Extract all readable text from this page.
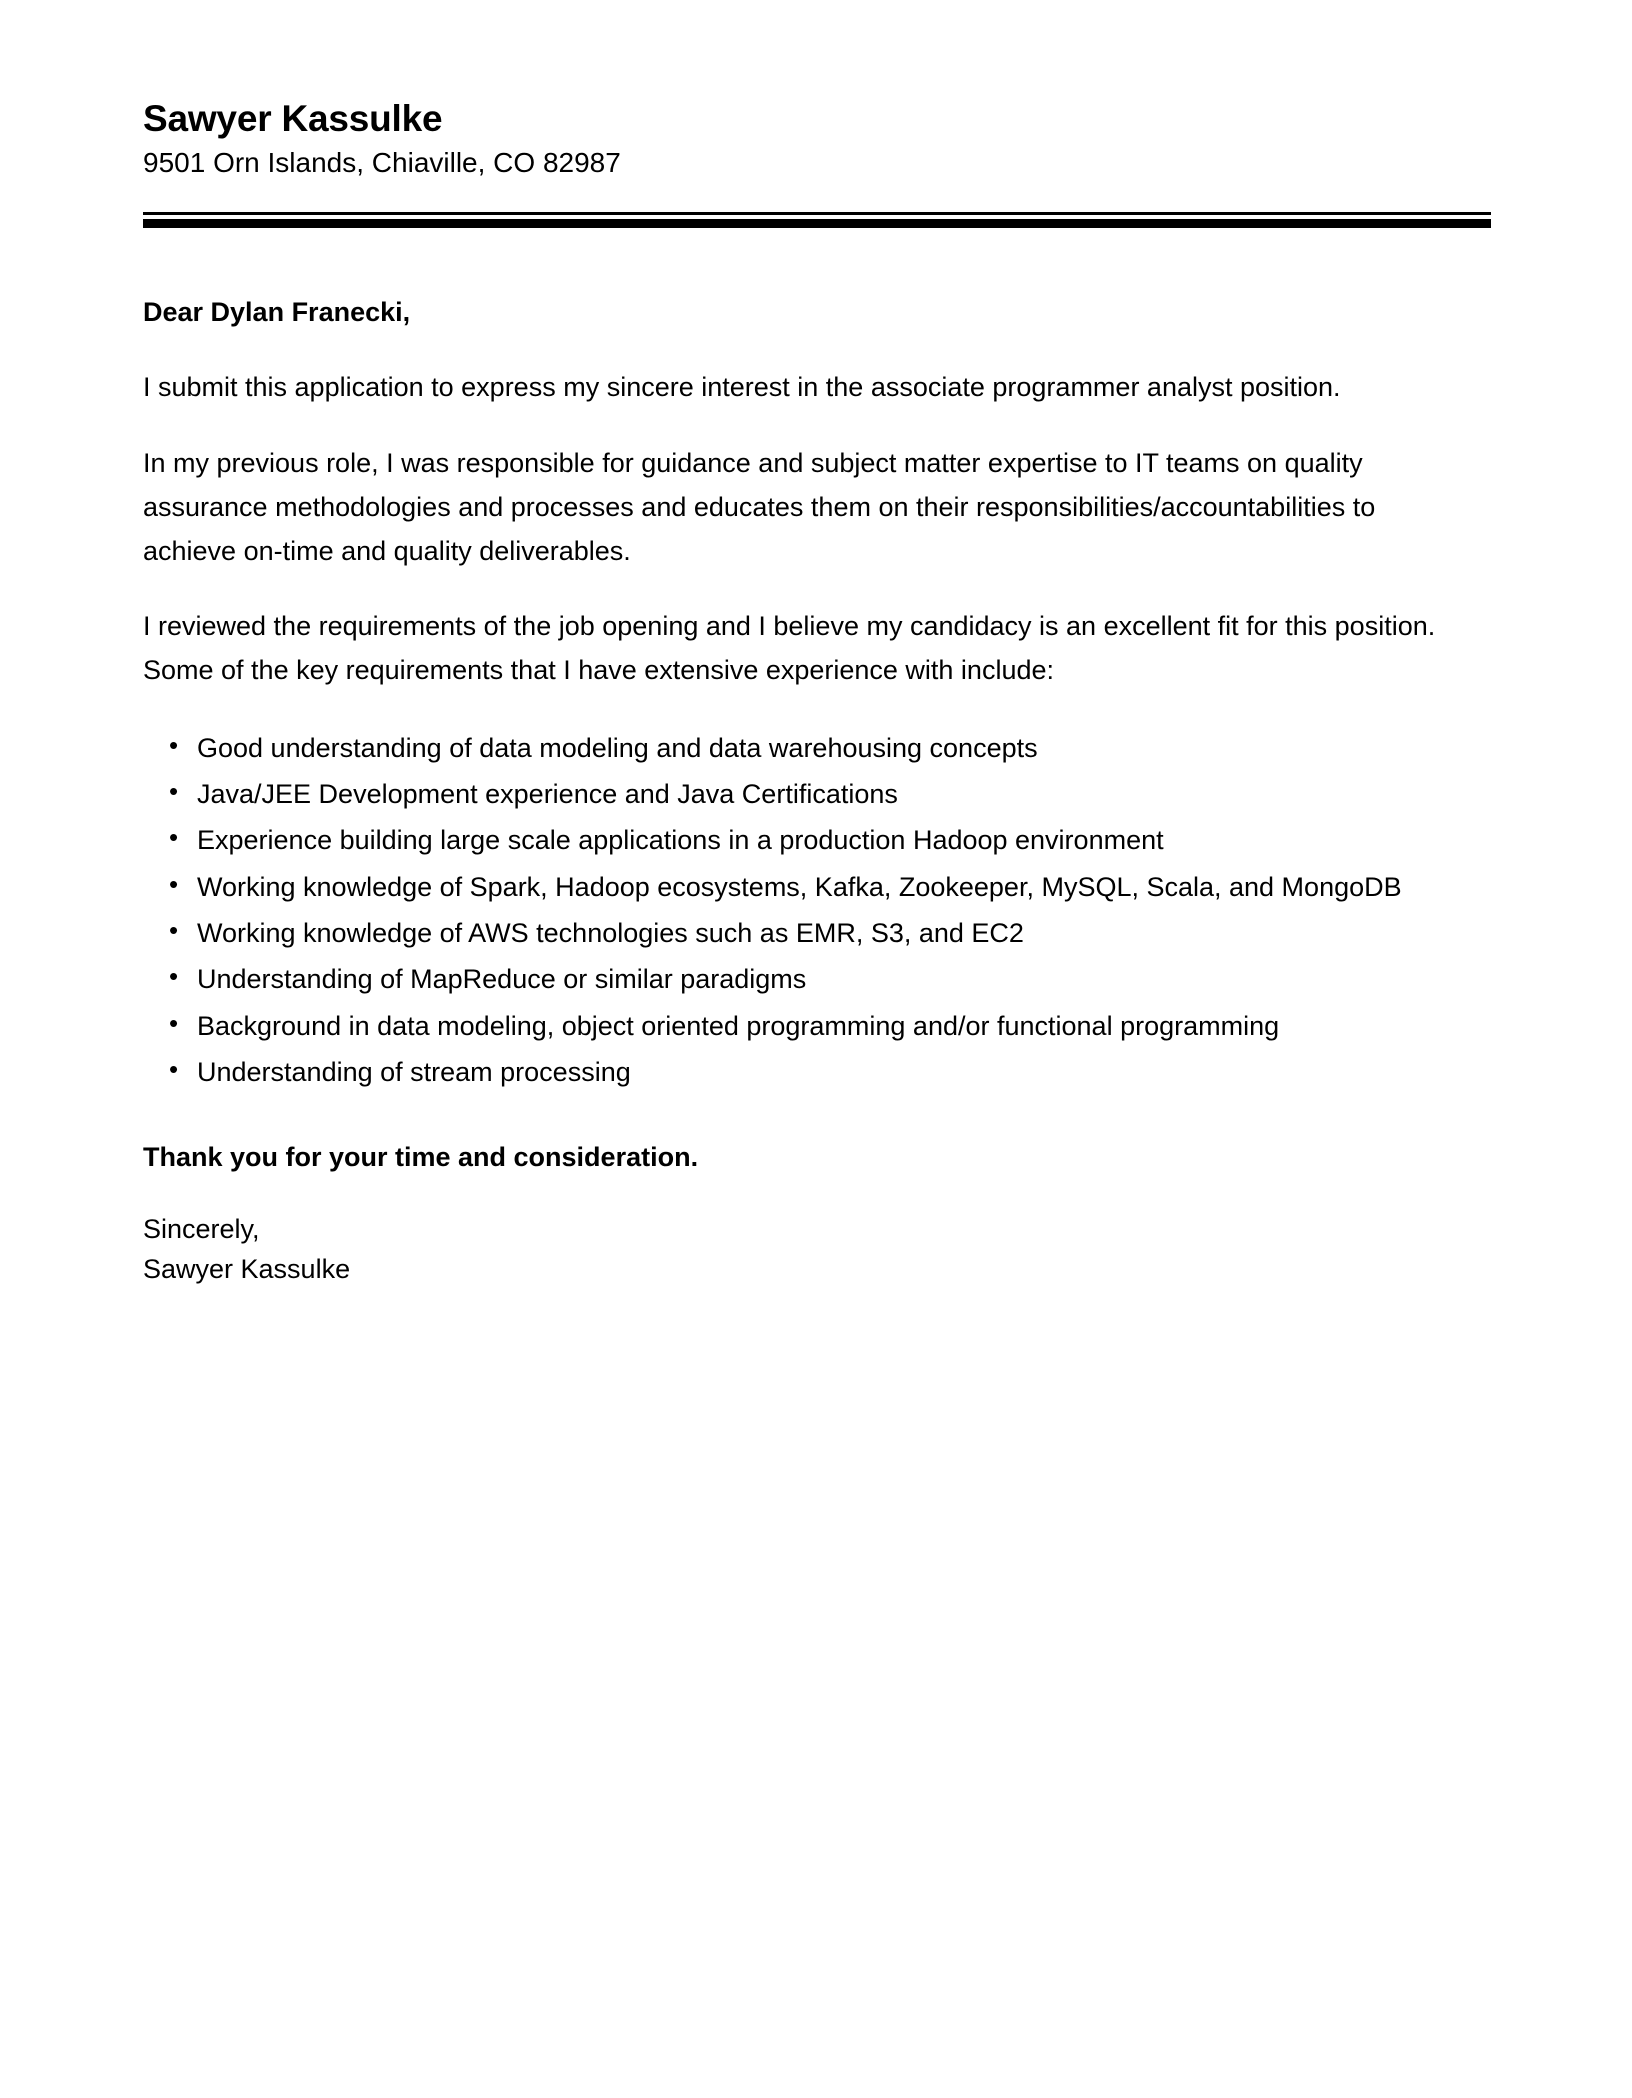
Sawyer Kassulke
9501 Orn Islands, Chiaville, CO 82987

Dear Dylan Franecki,

I submit this application to express my sincere interest in the associate programmer analyst position.

In my previous role, I was responsible for guidance and subject matter expertise to IT teams on quality assurance methodologies and processes and educates them on their responsibilities/accountabilities to achieve on-time and quality deliverables.

I reviewed the requirements of the job opening and I believe my candidacy is an excellent fit for this position. Some of the key requirements that I have extensive experience with include:

• Good understanding of data modeling and data warehousing concepts
• Java/JEE Development experience and Java Certifications
• Experience building large scale applications in a production Hadoop environment
• Working knowledge of Spark, Hadoop ecosystems, Kafka, Zookeeper, MySQL, Scala, and MongoDB
• Working knowledge of AWS technologies such as EMR, S3, and EC2
• Understanding of MapReduce or similar paradigms
• Background in data modeling, object oriented programming and/or functional programming
• Understanding of stream processing

Thank you for your time and consideration.

Sincerely,
Sawyer Kassulke
